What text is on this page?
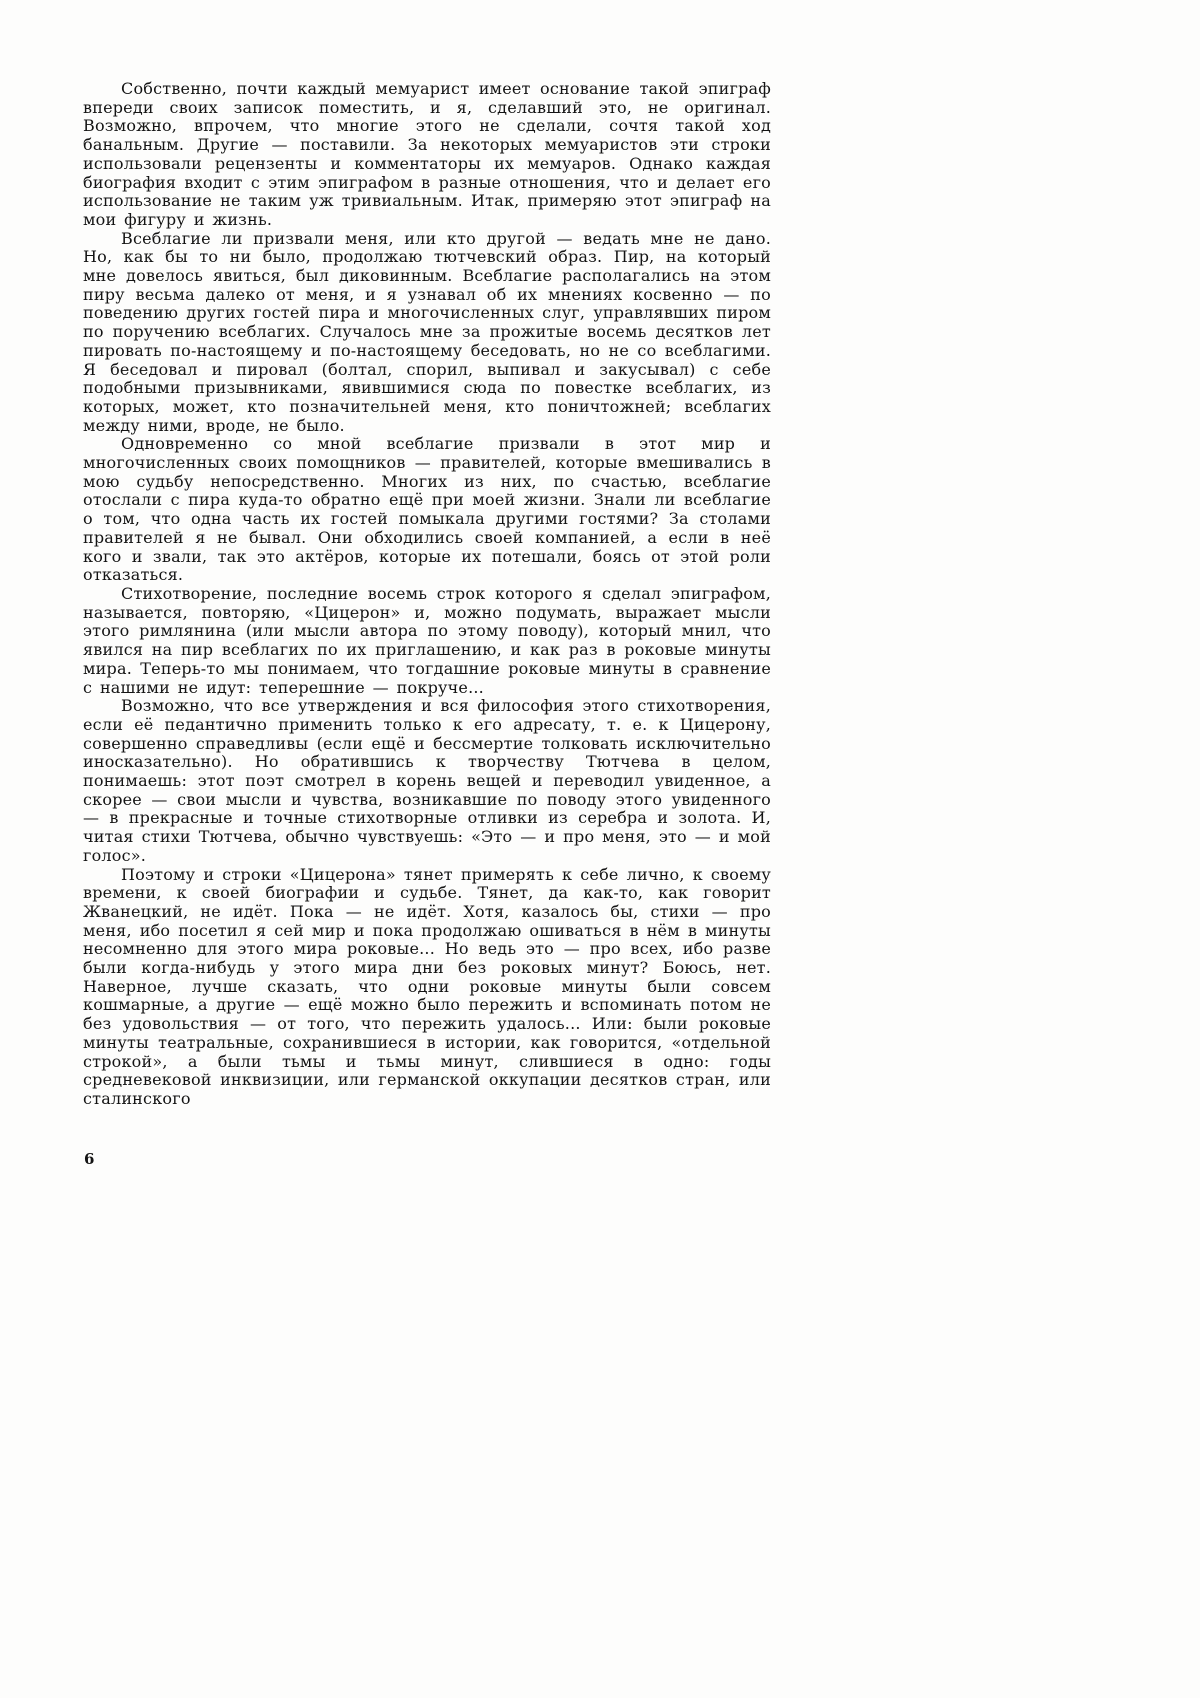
Собственно, почти каждый мемуарист имеет основание такой эпиграф впереди своих записок поместить, и я, сделавший это, не оригинал. Возможно, впрочем, что многие этого не сделали, сочтя такой ход банальным. Другие — поставили. За некоторых мемуаристов эти строки использовали рецензенты и комментаторы их мемуаров. Однако каждая биография входит с этим эпиграфом в разные отношения, что и делает его использование не таким уж тривиальным. Итак, примеряю этот эпиграф на мои фигуру и жизнь.

Всеблагие ли призвали меня, или кто другой — ведать мне не дано. Но, как бы то ни было, продолжаю тютчевский образ. Пир, на который мне довелось явиться, был диковинным. Всеблагие располагались на этом пиру весьма далеко от меня, и я узнавал об их мнениях косвенно — по поведению других гостей пира и многочисленных слуг, управлявших пиром по поручению всеблагих. Случалось мне за прожитые восемь десятков лет пировать по-настоящему и по-настоящему беседовать, но не со всеблагими. Я беседовал и пировал (болтал, спорил, выпивал и закусывал) с себе подобными призывниками, явившимися сюда по повестке всеблагих, из которых, может, кто позначительней меня, кто поничтожней; всеблагих между ними, вроде, не было.

Одновременно со мной всеблагие призвали в этот мир и многочисленных своих помощников — правителей, которые вмешивались в мою судьбу непосредственно. Многих из них, по счастью, всеблагие отослали с пира куда-то обратно ещё при моей жизни. Знали ли всеблагие о том, что одна часть их гостей помыкала другими гостями? За столами правителей я не бывал. Они обходились своей компанией, а если в неё кого и звали, так это актёров, которые их потешали, боясь от этой роли отказаться.

Стихотворение, последние восемь строк которого я сделал эпиграфом, называется, повторяю, «Цицерон» и, можно подумать, выражает мысли этого римлянина (или мысли автора по этому поводу), который мнил, что явился на пир всеблагих по их приглашению, и как раз в роковые минуты мира. Теперь-то мы понимаем, что тогдашние роковые минуты в сравнение с нашими не идут: теперешние — покруче...

Возможно, что все утверждения и вся философия этого стихотворения, если её педантично применить только к его адресату, т. е. к Цицерону, совершенно справедливы (если ещё и бессмертие толковать исключительно иносказательно). Но обратившись к творчеству Тютчева в целом, понимаешь: этот поэт смотрел в корень вещей и переводил увиденное, а скорее — свои мысли и чувства, возникавшие по поводу этого увиденного — в прекрасные и точные стихотворные отливки из серебра и золота. И, читая стихи Тютчева, обычно чувствуешь: «Это — и про меня, это — и мой голос».

Поэтому и строки «Цицерона» тянет примерять к себе лично, к своему времени, к своей биографии и судьбе. Тянет, да как-то, как говорит Жванецкий, не идёт. Пока — не идёт. Хотя, казалось бы, стихи — про меня, ибо посетил я сей мир и пока продолжаю ошиваться в нём в минуты несомненно для этого мира роковые... Но ведь это — про всех, ибо разве были когда-нибудь у этого мира дни без роковых минут? Боюсь, нет. Наверное, лучше сказать, что одни роковые минуты были совсем кошмарные, а другие — ещё можно было пережить и вспоминать потом не без удовольствия — от того, что пережить удалось... Или: были роковые минуты театральные, сохранившиеся в истории, как говорится, «отдельной строкой», а были тьмы и тьмы минут, слившиеся в одно: годы средневековой инквизиции, или германской оккупации десятков стран, или сталинского

6
